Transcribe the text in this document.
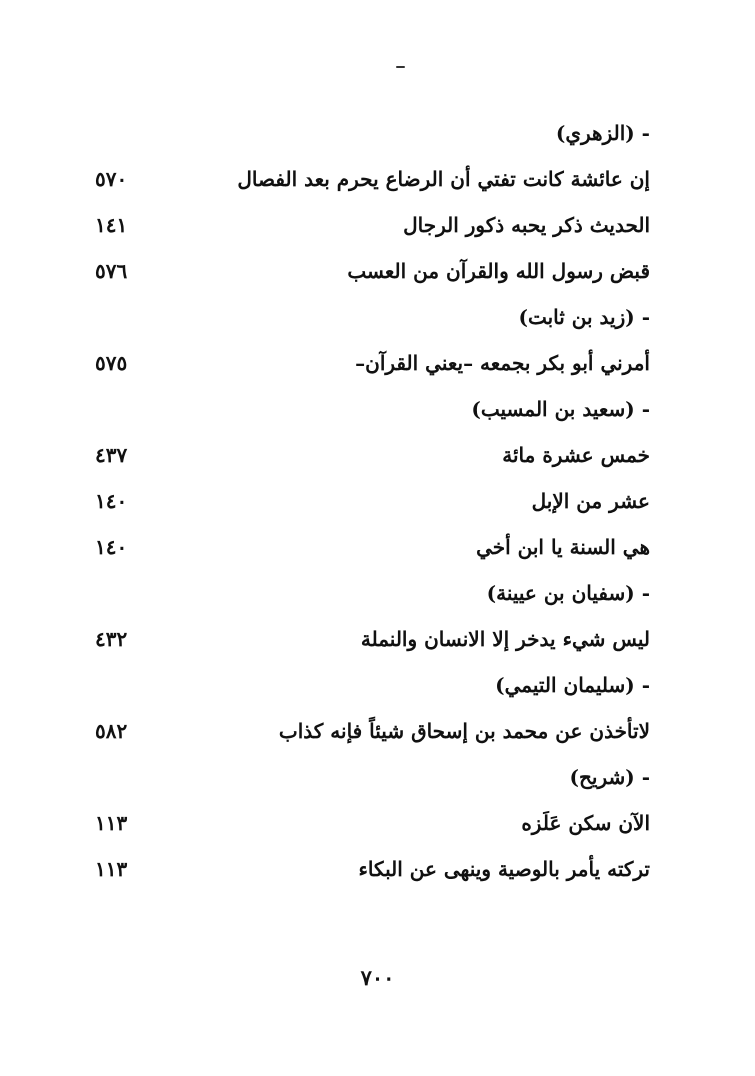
- (الزهري)
إن عائشة كانت تفتي أن الرضاع يحرم بعد الفصال
٥٧٠
الحديث ذكر يحبه ذكور الرجال
١٤١
قبض رسول الله والقرآن من العسب
٥٧٦
- (زيد بن ثابت)
أمرني أبو بكر بجمعه –يعني القرآن–
٥٧٥
- (سعيد بن المسيب)
خمس عشرة مائة
٤٣٧
عشر من الإبل
١٤٠
هي السنة يا ابن أخي
١٤٠
- (سفيان بن عيينة)
ليس شيء يدخر إلا الانسان والنملة
٤٣٢
- (سليمان التيمي)
لاتأخذن عن محمد بن إسحاق شيئاً فإنه كذاب
٥٨٢
- (شريح)
الآن سكن عَلَزه
١١٣
تركته يأمر بالوصية وينهى عن البكاء
١١٣
٧٠٠
